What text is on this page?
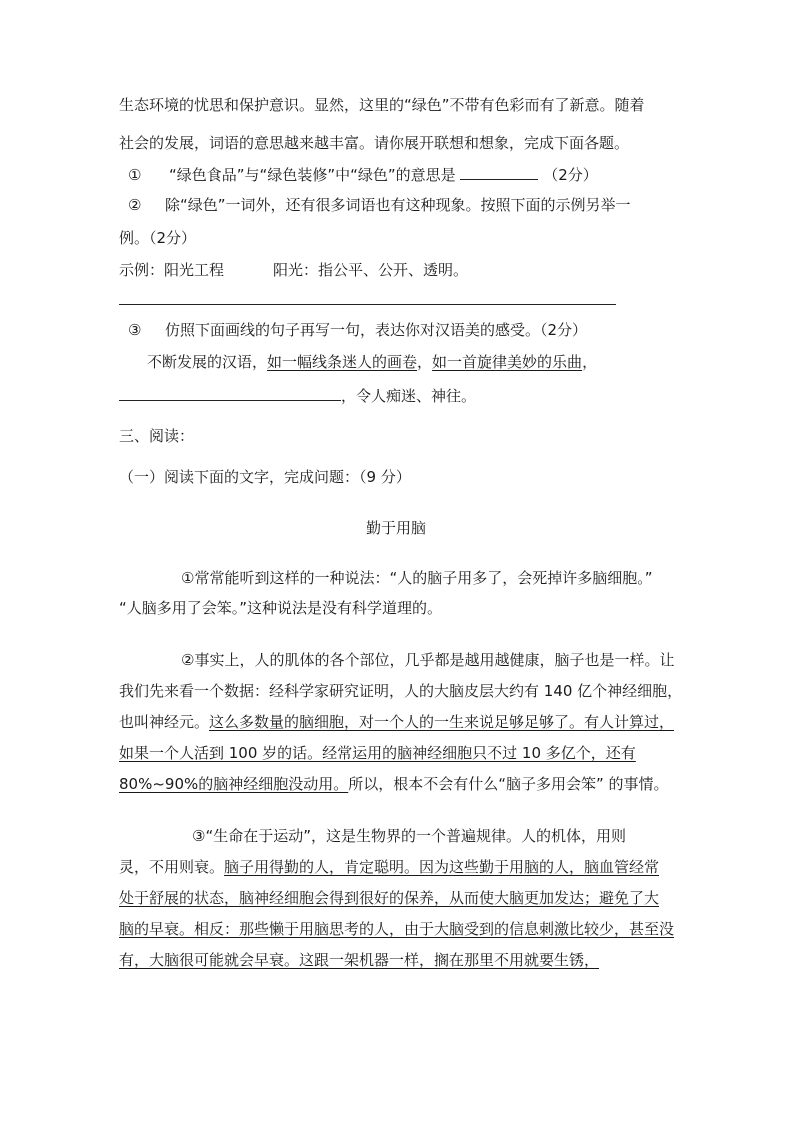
生态环境的忧思和保护意识。显然，这里的“绿色”不带有色彩而有了新意。随着
社会的发展，词语的意思越来越丰富。请你展开联想和想象，完成下面各题。
① “绿色食品”与“绿色装修”中“绿色”的意思是	（2分）
② 除“绿色”一词外，还有很多词语也有这种现象。按照下面的示例另举一
例。（2分）
示例：阳光工程	阳光：指公平、公开、透明。
③ 仿照下面画线的句子再写一句，表达你对汉语美的感受。（2分）
不断发展的汉语，如一幅线条迷人的画卷，如一首旋律美妙的乐曲，
，令人痴迷、神往。
三、阅读：
（一）阅读下面的文字，完成问题：（9 分）
勤于用脑
①常常能听到这样的一种说法：“人的脑子用多了，会死掉许多脑细胞。”
“人脑多用了会笨。”这种说法是没有科学道理的。
②事实上，人的肌体的各个部位，几乎都是越用越健康，脑子也是一样。让
我们先来看一个数据：经科学家研究证明，人的大脑皮层大约有 140 亿个神经细胞，
也叫神经元。这么多数量的脑细胞，对一个人的一生来说足够足够了。有人计算过，
如果一个人活到 100 岁的话。经常运用的脑神经细胞只不过 10 多亿个，还有
80%~90%的脑神经细胞没动用。所以，根本不会有什么“脑子多用会笨” 的事情。
③“生命在于运动”，这是生物界的一个普遍规律。人的机体，用则
灵，不用则衰。脑子用得勤的人，肯定聪明。因为这些勤于用脑的人，脑血管经常
处于舒展的状态，脑神经细胞会得到很好的保养，从而使大脑更加发达；避免了大
脑的早衰。相反：那些懒于用脑思考的人，由于大脑受到的信息刺激比较少，甚至没
有，大脑很可能就会早衰。这跟一架机器一样，搁在那里不用就要生锈，
